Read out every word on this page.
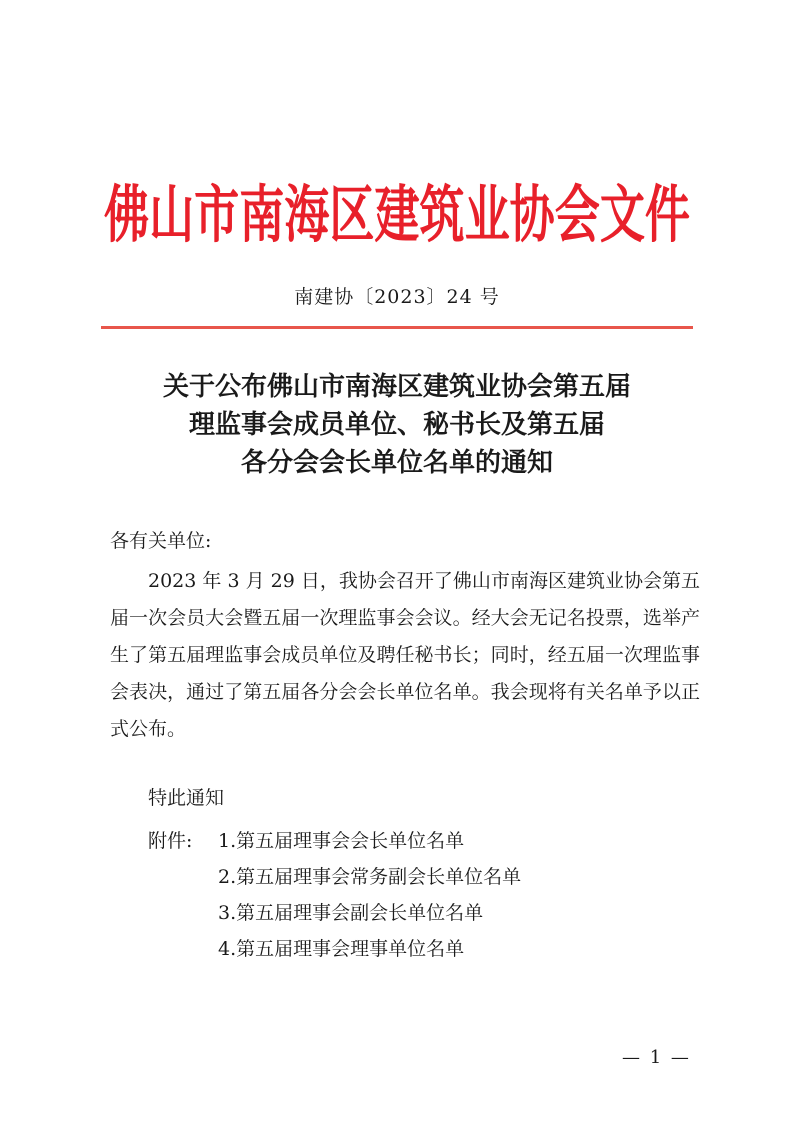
佛山市南海区建筑业协会文件
南建协〔2023〕24 号
关于公布佛山市南海区建筑业协会第五届
理监事会成员单位、秘书长及第五届
各分会会长单位名单的通知
各有关单位:
2023 年 3 月 29 日，我协会召开了佛山市南海区建筑业协会第五届一次会员大会暨五届一次理监事会会议。经大会无记名投票，选举产生了第五届理监事会成员单位及聘任秘书长；同时，经五届一次理监事会表决，通过了第五届各分会会长单位名单。我会现将有关名单予以正式公布。
特此通知
附件: 1.第五届理事会会长单位名单
2.第五届理事会常务副会长单位名单
3.第五届理事会副会长单位名单
4.第五届理事会理事单位名单
— 1 —
